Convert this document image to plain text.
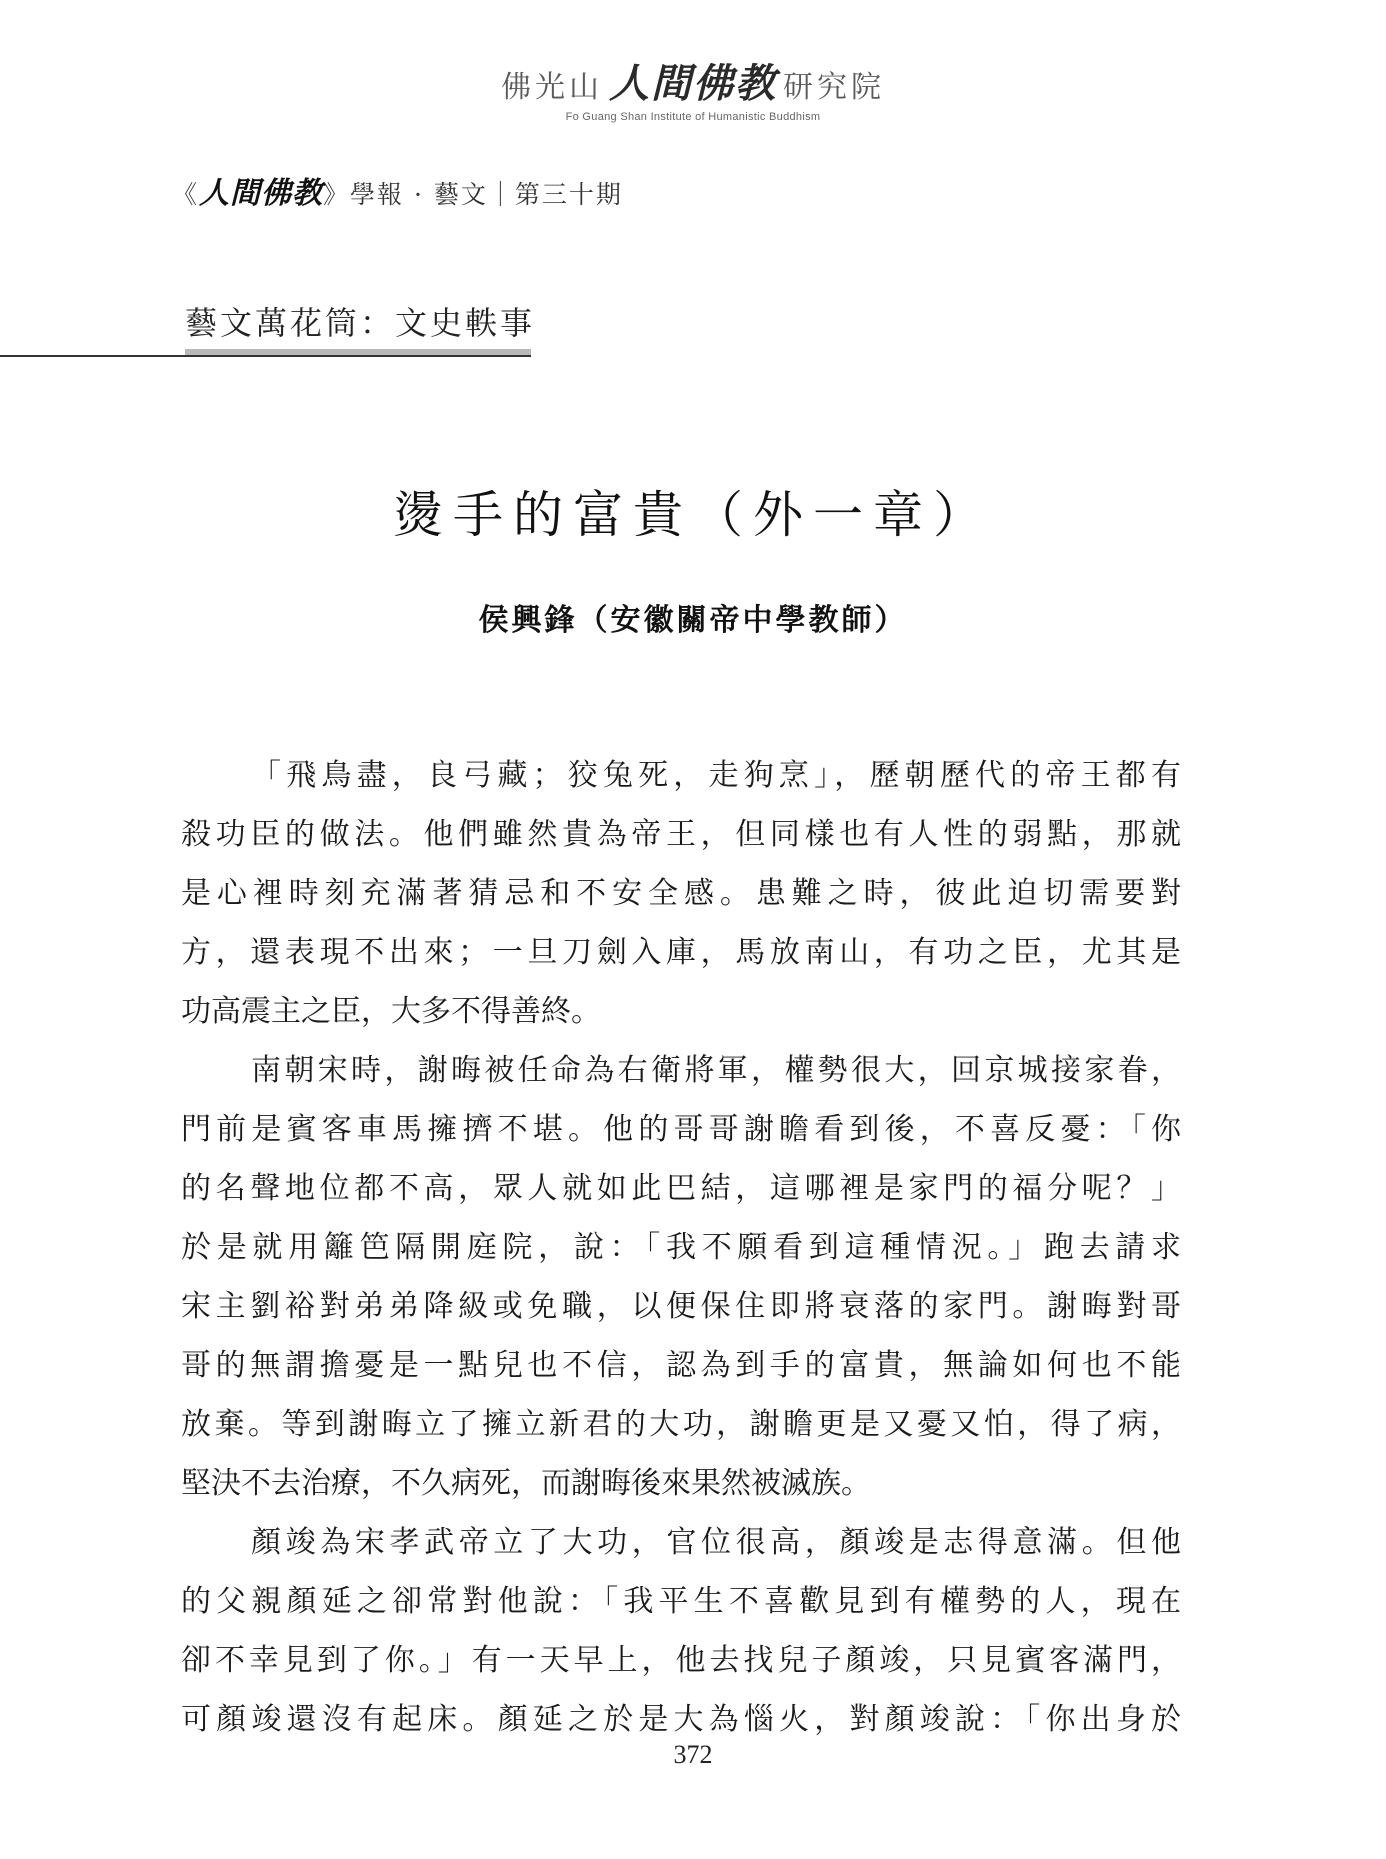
佛光山 人間佛教 研究院
Fo Guang Shan Institute of Humanistic Buddhism
《 人間佛教 》 學報 · 藝文｜第三十期
藝文萬花筒：文史軼事
燙手的富貴（外一章）
侯興鋒（安徽關帝中學教師）

「飛鳥盡，良弓藏；狡兔死，走狗烹」，歷朝歷代的帝王都有
殺功臣的做法。他們雖然貴為帝王，但同樣也有人性的弱點，那就
是心裡時刻充滿著猜忌和不安全感。患難之時，彼此迫切需要對
方，還表現不出來；一旦刀劍入庫，馬放南山，有功之臣，尤其是
功高震主之臣，大多不得善終。

南朝宋時，謝晦被任命為右衛將軍，權勢很大，回京城接家眷，
門前是賓客車馬擁擠不堪。他的哥哥謝瞻看到後，不喜反憂：「你
的名聲地位都不高，眾人就如此巴結，這哪裡是家門的福分呢？」
於是就用籬笆隔開庭院，說：「我不願看到這種情況。」跑去請求
宋主劉裕對弟弟降級或免職，以便保住即將衰落的家門。謝晦對哥
哥的無謂擔憂是一點兒也不信，認為到手的富貴，無論如何也不能
放棄。等到謝晦立了擁立新君的大功，謝瞻更是又憂又怕，得了病，
堅決不去治療，不久病死，而謝晦後來果然被滅族。

顏竣為宋孝武帝立了大功，官位很高，顏竣是志得意滿。但他
的父親顏延之卻常對他說：「我平生不喜歡見到有權勢的人，現在
卻不幸見到了你。」有一天早上，他去找兒子顏竣，只見賓客滿門，
可顏竣還沒有起床。顏延之於是大為惱火，對顏竣說：「你出身於

372
